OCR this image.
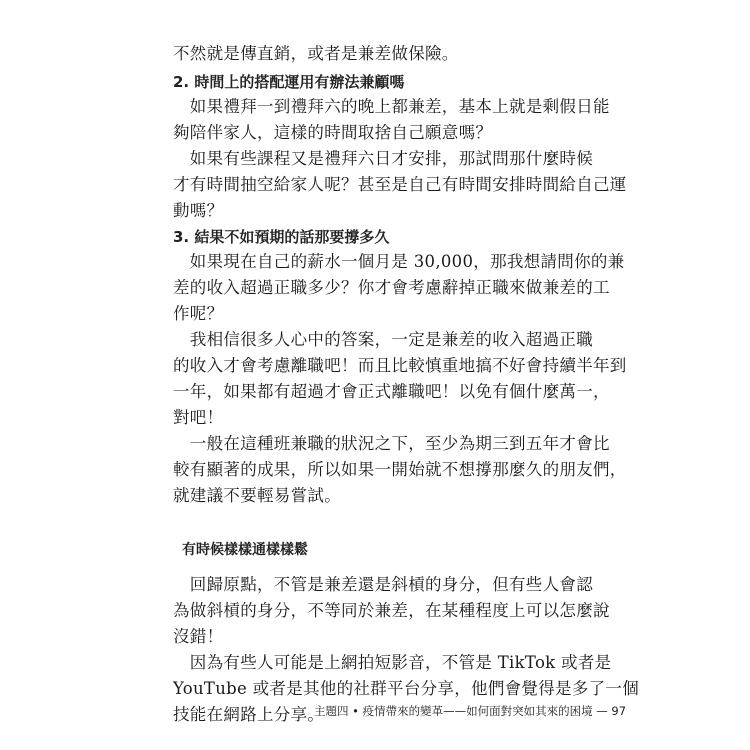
不然就是傳直銷，或者是兼差做保險。
2. 時間上的搭配運用有辦法兼顧嗎
　如果禮拜一到禮拜六的晚上都兼差，基本上就是剩假日能
夠陪伴家人，這樣的時間取捨自己願意嗎？
　如果有些課程又是禮拜六日才安排，那試問那什麼時候
才有時間抽空給家人呢？甚至是自己有時間安排時間給自己運
動嗎？
3. 結果不如預期的話那要撐多久
　如果現在自己的薪水一個月是 30,000，那我想請問你的兼
差的收入超過正職多少？你才會考慮辭掉正職來做兼差的工
作呢？
　我相信很多人心中的答案，一定是兼差的收入超過正職
的收入才會考慮離職吧！而且比較慎重地搞不好會持續半年到
一年，如果都有超過才會正式離職吧！以免有個什麼萬一，
對吧！
　一般在這種班兼職的狀況之下，至少為期三到五年才會比
較有顯著的成果，所以如果一開始就不想撐那麼久的朋友們，
就建議不要輕易嘗試。
有時候樣樣通樣樣鬆
　回歸原點，不管是兼差還是斜槓的身分，但有些人會認
為做斜槓的身分，不等同於兼差，在某種程度上可以怎麼說
沒錯！
　因為有些人可能是上網拍短影音，不管是 TikTok 或者是
YouTube 或者是其他的社群平台分享，他們會覺得是多了一個
技能在網路上分享。
主題四 • 疫情帶來的變革——如何面對突如其來的困境 — 97
